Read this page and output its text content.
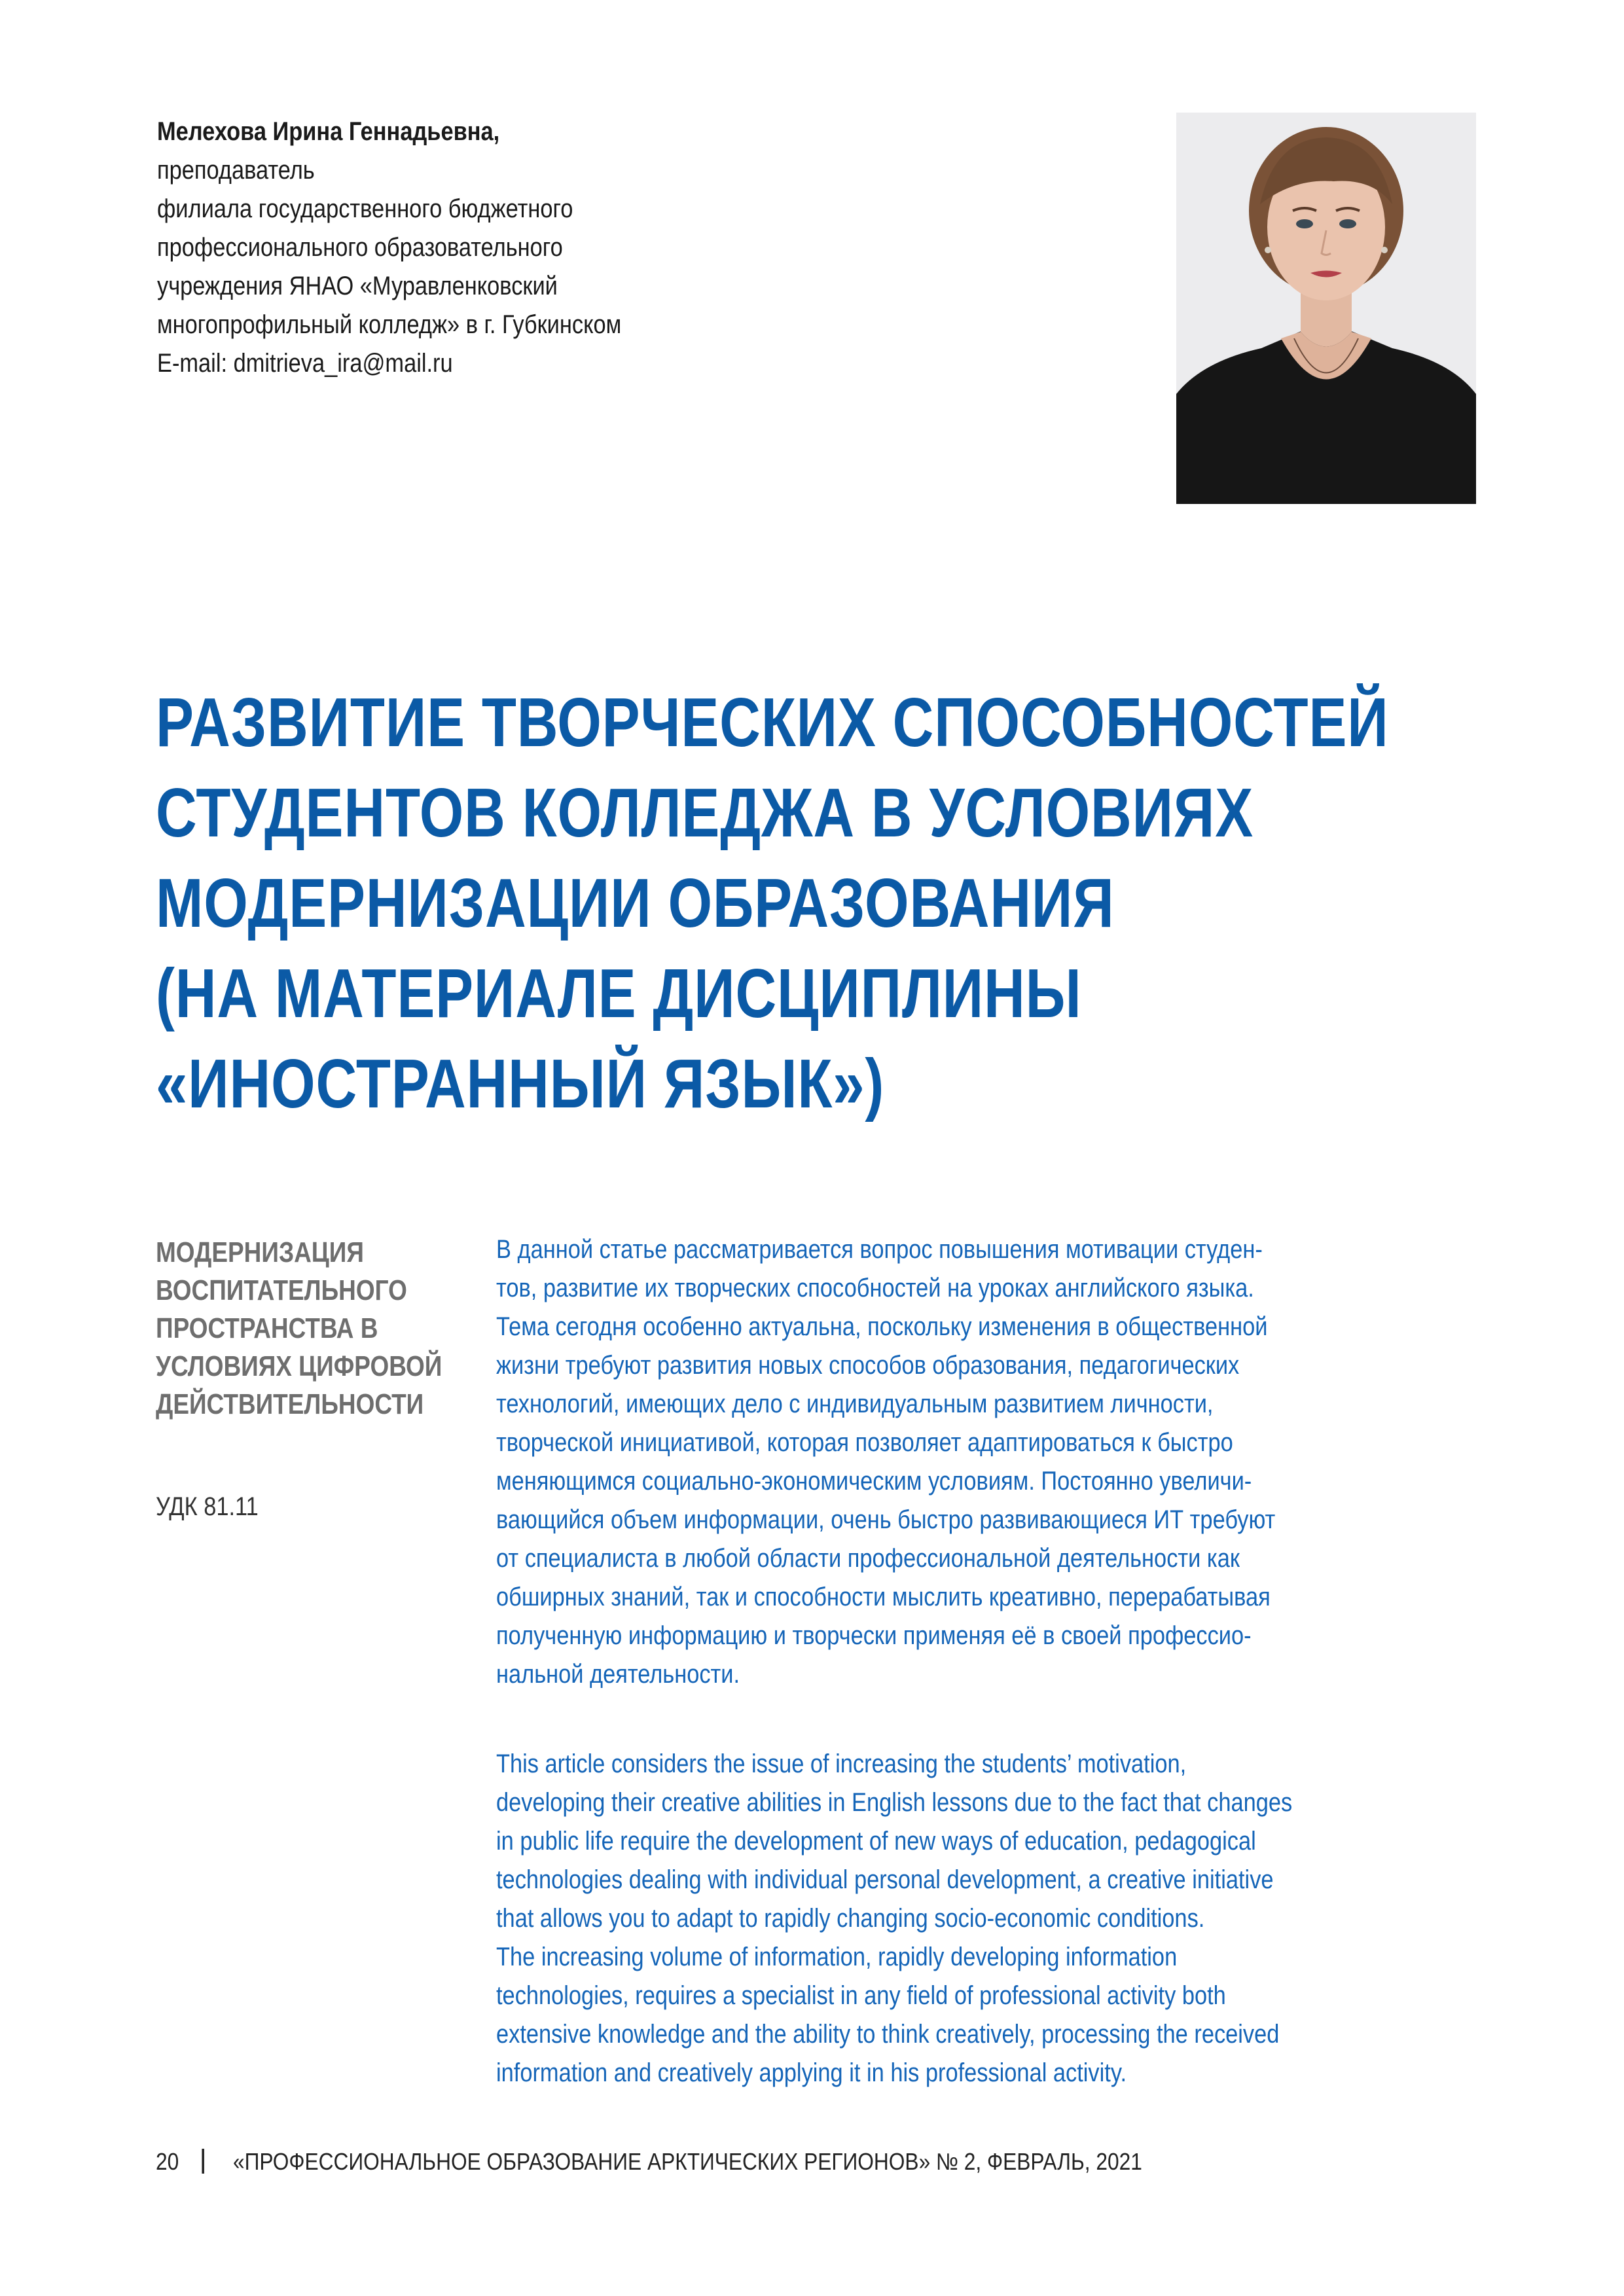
Мелехова Ирина Геннадьевна,
преподаватель
филиала государственного бюджетного
профессионального образовательного
учреждения ЯНАО «Муравленковский
многопрофильный колледж» в г. Губкинском
E-mail: dmitrieva_ira@mail.ru
РАЗВИТИЕ ТВОРЧЕСКИХ СПОСОБНОСТЕЙ
СТУДЕНТОВ КОЛЛЕДЖА В УСЛОВИЯХ
МОДЕРНИЗАЦИИ ОБРАЗОВАНИЯ
(НА МАТЕРИАЛЕ ДИСЦИПЛИНЫ
«ИНОСТРАННЫЙ ЯЗЫК»)
МОДЕРНИЗАЦИЯ
ВОСПИТАТЕЛЬНОГО
ПРОСТРАНСТВА В
УСЛОВИЯХ ЦИФРОВОЙ
ДЕЙСТВИТЕЛЬНОСТИ
УДК 81.11

В данной статье рассматривается вопрос повышения мотивации студен-
тов, развитие их творческих способностей на уроках английского языка.
Тема сегодня особенно актуальна, поскольку изменения в общественной
жизни требуют развития новых способов образования, педагогических
технологий, имеющих дело с индивидуальным развитием личности,
творческой инициативой, которая позволяет адаптироваться к быстро
меняющимся социально-экономическим условиям. Постоянно увеличи-
вающийся объем информации, очень быстро развивающиеся ИТ требуют
от специалиста в любой области профессиональной деятельности как
обширных знаний, так и способности мыслить креативно, перерабатывая
полученную информацию и творчески применяя её в своей профессио-
нальной деятельности.

This article considers the issue of increasing the students’ motivation,
developing their creative abilities in English lessons due to the fact that changes
in public life require the development of new ways of education, pedagogical
technologies dealing with individual personal development, a creative initiative
that allows you to adapt to rapidly changing socio-economic conditions.
The increasing volume of information, rapidly developing information
technologies, requires a specialist in any field of professional activity both
extensive knowledge and the ability to think creatively, processing the received
information and creatively applying it in his professional activity.

20 «ПРОФЕССИОНАЛЬНОЕ ОБРАЗОВАНИЕ АРКТИЧЕСКИХ РЕГИОНОВ» № 2, ФЕВРАЛЬ, 2021
